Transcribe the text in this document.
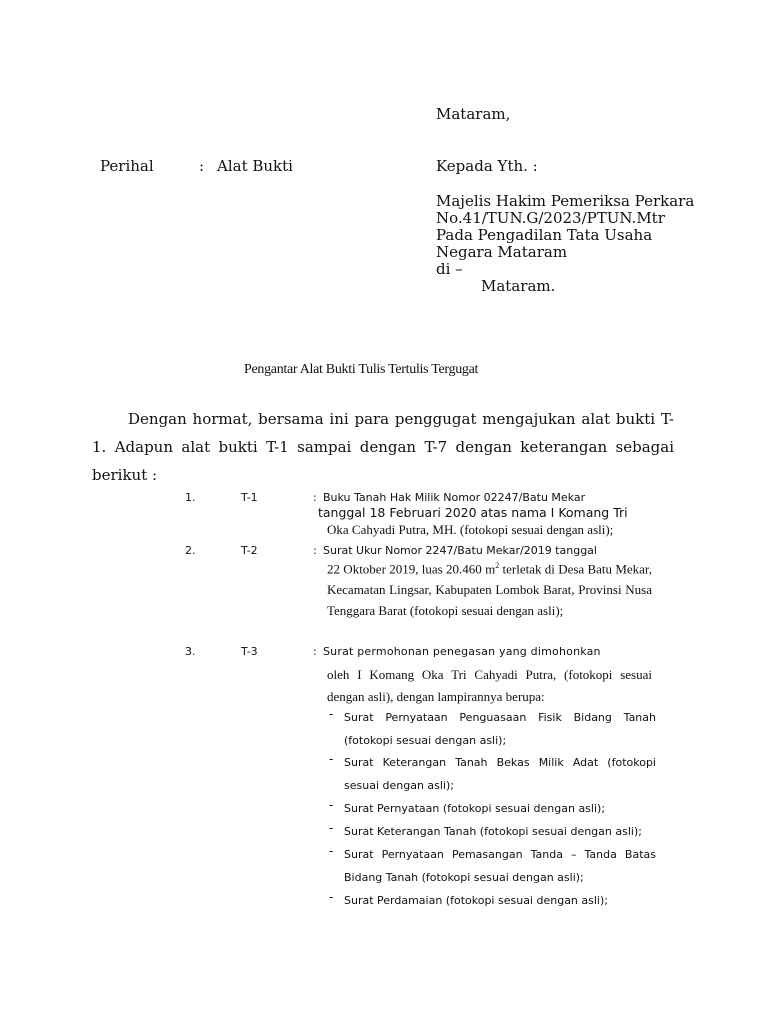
Mataram,
Perihal	: Alat Bukti	Kepada Yth. :
Majelis Hakim Pemeriksa Perkara
No.41/TUN.G/2023/PTUN.Mtr
Pada Pengadilan Tata Usaha
Negara Mataram
di –
Mataram.
Pengantar Alat Bukti Tulis Tertulis Tergugat

Dengan hormat, bersama ini para penggugat mengajukan alat bukti T-1. Adapun alat bukti T-1 sampai dengan T-7 dengan keterangan sebagai berikut :

1.	T-1	: Buku Tanah Hak Milik Nomor 02247/Batu Mekar
tanggal 18 Februari 2020 atas nama I Komang Tri
Oka Cahyadi Putra, MH. (fotokopi sesuai dengan asli);
2.	T-2	: Surat Ukur Nomor 2247/Batu Mekar/2019 tanggal

22 Oktober 2019, luas 20.460 $m^2$ terletak di Desa Batu Mekar, Kecamatan Lingsar, Kabupaten Lombok Barat, Provinsi Nusa Tenggara Barat (fotokopi sesuai dengan asli);

3.	T-3	: Surat permohonan penegasan yang dimohonkan

oleh I Komang Oka Tri Cahyadi Putra, (fotokopi sesuai dengan asli), dengan lampirannya berupa:

- Surat Pernyataan Penguasaan Fisik Bidang Tanah (fotokopi sesuai dengan asli);
- Surat Keterangan Tanah Bekas Milik Adat (fotokopi sesuai dengan asli);
- Surat Pernyataan (fotokopi sesuai dengan asli);
- Surat Keterangan Tanah (fotokopi sesuai dengan asli);
- Surat Pernyataan Pemasangan Tanda – Tanda Batas Bidang Tanah (fotokopi sesuai dengan asli);
- Surat Perdamaian (fotokopi sesuai dengan asli);
